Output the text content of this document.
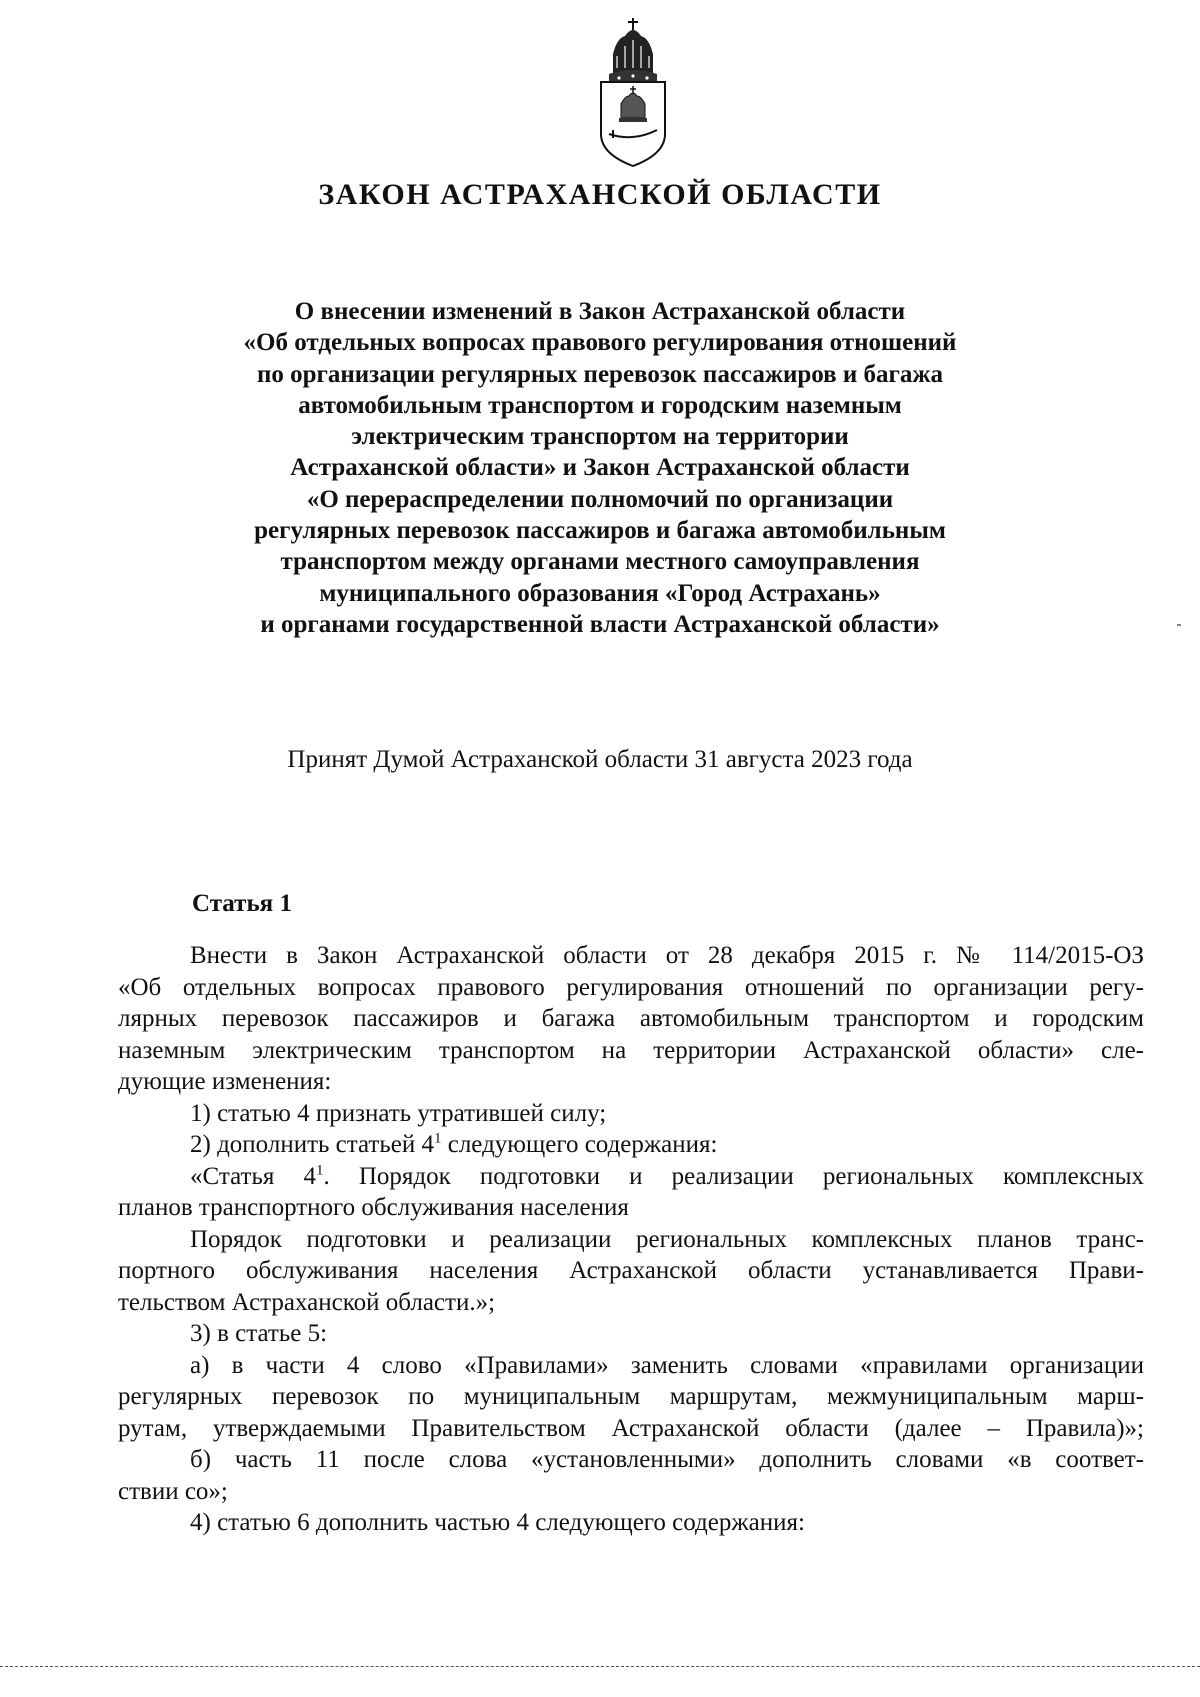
ЗАКОН АСТРАХАНСКОЙ ОБЛАСТИ
О внесении изменений в Закон Астраханской области
«Об отдельных вопросах правового регулирования отношений
по организации регулярных перевозок пассажиров и багажа
автомобильным транспортом и городским наземным
электрическим транспортом на территории
Астраханской области» и Закон Астраханской области
«О перераспределении полномочий по организации
регулярных перевозок пассажиров и багажа автомобильным
транспортом между органами местного самоуправления
муниципального образования «Город Астрахань»
и органами государственной власти Астраханской области»
Принят Думой Астраханской области 31 августа 2023 года
Статья 1
Внести в Закон Астраханской области от 28 декабря 2015 г. № 114/2015-ОЗ
«Об отдельных вопросах правового регулирования отношений по организации регу-
лярных перевозок пассажиров и багажа автомобильным транспортом и городским
наземным электрическим транспортом на территории Астраханской области» сле-
дующие изменения:
1) статью 4 признать утратившей силу;
2) дополнить статьей $4^1$ следующего содержания:
«Статья $4^1$. Порядок подготовки и реализации региональных комплексных
планов транспортного обслуживания населения
Порядок подготовки и реализации региональных комплексных планов транс-
портного обслуживания населения Астраханской области устанавливается Прави-
тельством Астраханской области.»;
3) в статье 5:
а) в части 4 слово «Правилами» заменить словами «правилами организации
регулярных перевозок по муниципальным маршрутам, межмуниципальным марш-
рутам, утверждаемыми Правительством Астраханской области (далее – Правила)»;
б) часть 11 после слова «установленными» дополнить словами «в соответ-
ствии со»;
4) статью 6 дополнить частью 4 следующего содержания:
